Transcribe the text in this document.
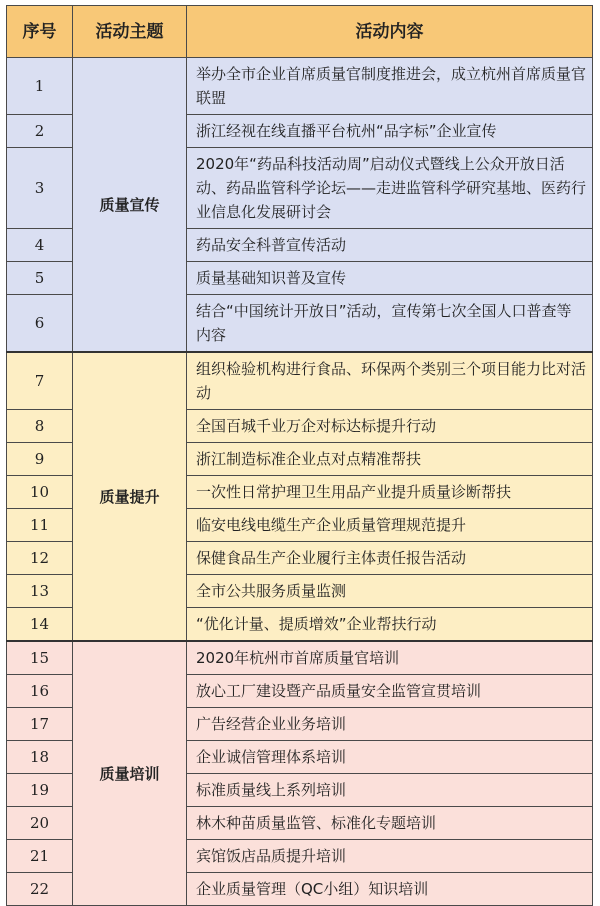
序号	活动主题	活动内容
1	质量宣传	举办全市企业首席质量官制度推进会，成立杭州首席质量官联盟
2		浙江经视在线直播平台杭州“品字标”企业宣传
3		2020年“药品科技活动周”启动仪式暨线上公众开放日活动、药品监管科学论坛——走进监管科学研究基地、医药行业信息化发展研讨会
4		药品安全科普宣传活动
5		质量基础知识普及宣传
6		结合“中国统计开放日”活动，宣传第七次全国人口普查等内容
7	质量提升	组织检验机构进行食品、环保两个类别三个项目能力比对活动
8		全国百城千业万企对标达标提升行动
9		浙江制造标准企业点对点精准帮扶
10		一次性日常护理卫生用品产业提升质量诊断帮扶
11		临安电线电缆生产企业质量管理规范提升
12		保健食品生产企业履行主体责任报告活动
13		全市公共服务质量监测
14		“优化计量、提质增效”企业帮扶行动
15	质量培训	2020年杭州市首席质量官培训
16		放心工厂建设暨产品质量安全监管宣贯培训
17		广告经营企业业务培训
18		企业诚信管理体系培训
19		标准质量线上系列培训
20		林木种苗质量监管、标准化专题培训
21		宾馆饭店品质提升培训
22		企业质量管理（QC小组）知识培训
